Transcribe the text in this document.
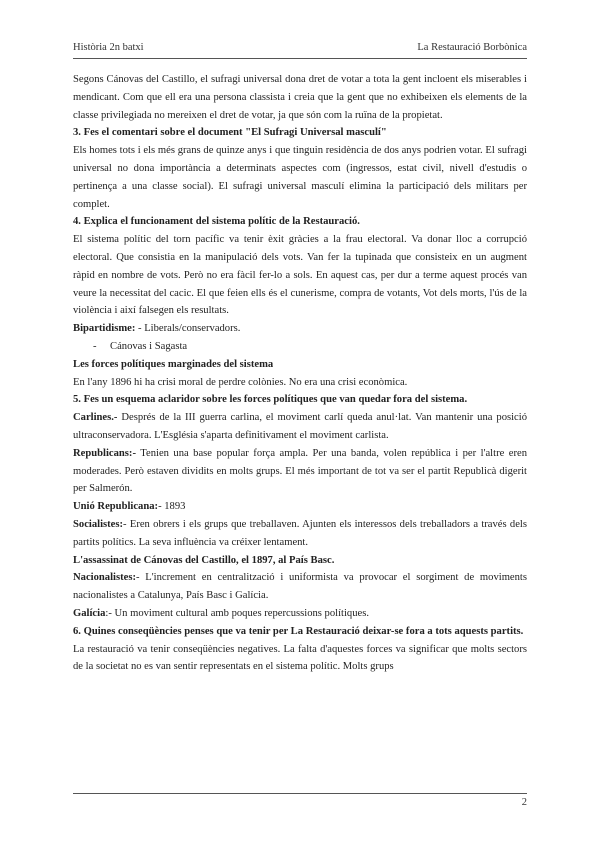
Història 2n batxi	La Restauració Borbònica

Segons Cánovas del Castillo, el sufragi universal dona dret de votar a tota la gent incloent els miserables i mendicant. Com que ell era una persona classista i creia que la gent que no exhibeixen els elements de la classe privilegiada no mereixen el dret de votar, ja que són com la ruïna de la propietat.

3. Fes el comentari sobre el document "El Sufragi Universal masculí"

Els homes tots i els més grans de quinze anys i que tinguin residència de dos anys podrien votar. El sufragi universal no dona importància a determinats aspectes com (ingressos, estat civil, nivell d'estudis o pertinença a una classe social). El sufragi universal masculí elimina la participació dels militars per complet.

4. Explica el funcionament del sistema polític de la Restauració.

El sistema polític del torn pacífic va tenir èxit gràcies a la frau electoral. Va donar lloc a corrupció electoral. Que consistia en la manipulació dels vots. Van fer la tupinada que consisteix en un augment ràpid en nombre de vots. Però no era fàcil fer-lo a sols. En aquest cas, per dur a terme aquest procés van veure la necessitat del cacic. El que feien ells és el cunerisme, compra de votants, Vot dels morts, l'ús de la violència i així falsegen els resultats.

Bipartidisme: - Liberals/conservadors.

- Cánovas i Sagasta

Les forces polítiques marginades del sistema

En l'any 1896 hi ha crisi moral de perdre colònies. No era una crisi econòmica.

5. Fes un esquema aclaridor sobre les forces polítiques que van quedar fora del sistema.

Carlines.- Després de la III guerra carlina, el moviment carlí queda anul·lat. Van mantenir una posició ultraconservadora. L'Església s'aparta definitivament el moviment carlista.

Republicans:- Tenien una base popular força ampla. Per una banda, volen república i per l'altre eren moderades. Però estaven dividits en molts grups. El més important de tot va ser el partit Republicà digerit per Salmerón.

Unió Republicana:- 1893

Socialistes:- Eren obrers i els grups que treballaven. Ajunten els interessos dels treballadors a través dels partits polítics. La seva influència va créixer lentament.

L'assassinat de Cánovas del Castillo, el 1897, al País Basc.

Nacionalistes:- L'increment en centralització i uniformista va provocar el sorgiment de moviments nacionalistes a Catalunya, País Basc i Galícia.

Galícia:- Un moviment cultural amb poques repercussions polítiques.

6. Quines conseqüències penses que va tenir per La Restauració deixar-se fora a tots aquests partits.

La restauració va tenir conseqüències negatives. La falta d'aquestes forces va significar que molts sectors de la societat no es van sentir representats en el sistema polític. Molts grups

2
